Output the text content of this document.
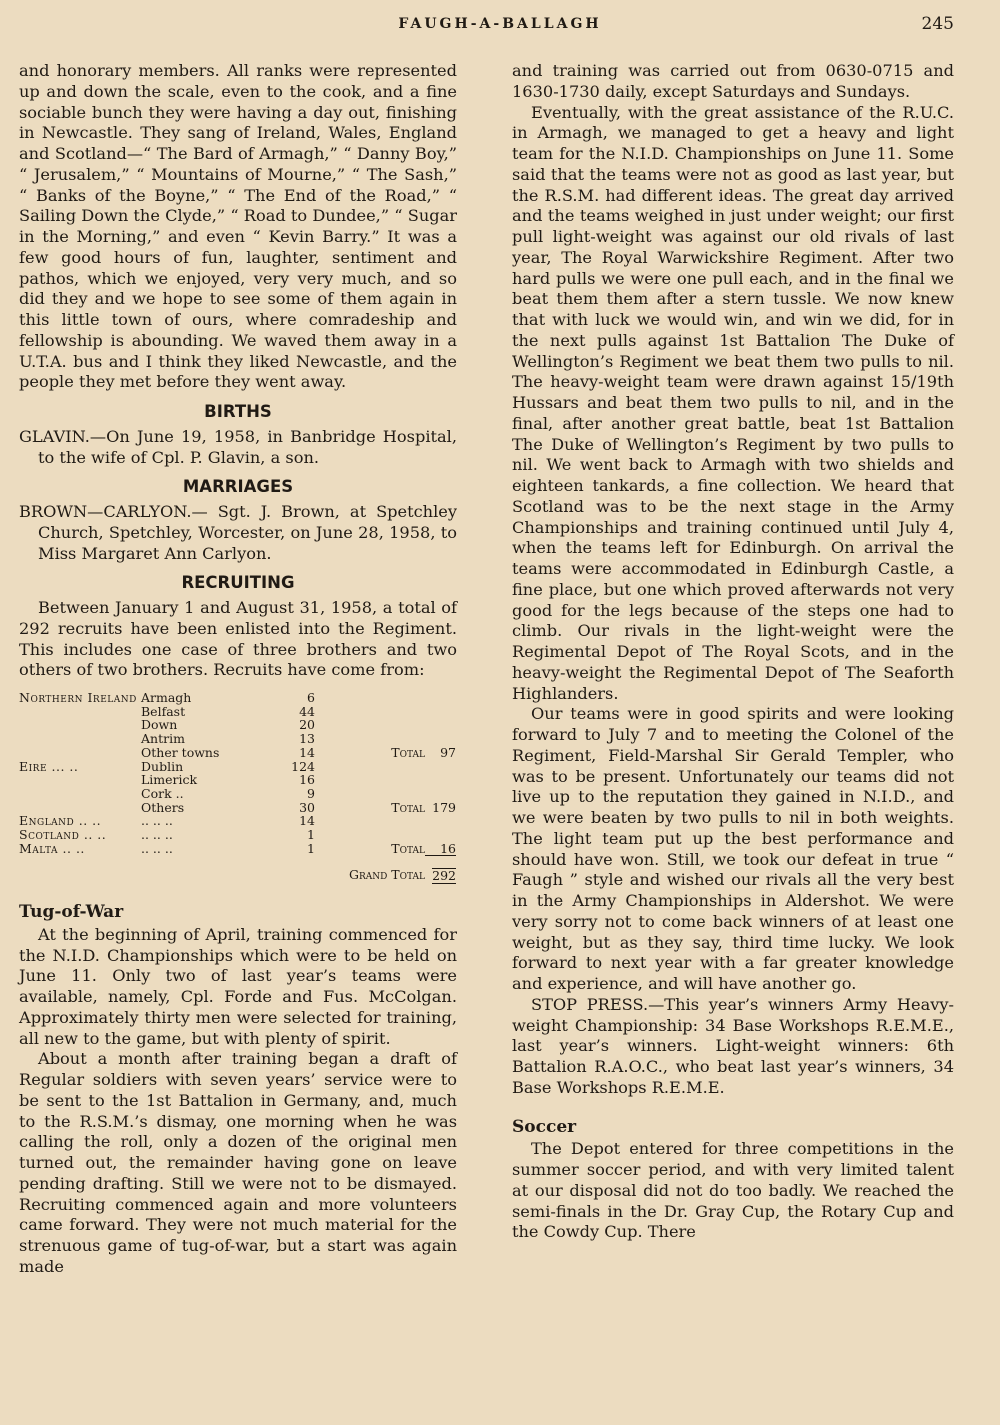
FAUGH-A-BALLAGH	245

and honorary members. All ranks were represented up and down the scale, even to the cook, and a fine sociable bunch they were having a day out, finishing in Newcastle. They sang of Ireland, Wales, England and Scotland—“ The Bard of Armagh,” “ Danny Boy,” “ Jerusalem,” “ Mountains of Mourne,” “ The Sash,” “ Banks of the Boyne,” “ The End of the Road,” “ Sailing Down the Clyde,” “ Road to Dundee,” “ Sugar in the Morning,” and even “ Kevin Barry.” It was a few good hours of fun, laughter, sentiment and pathos, which we enjoyed, very very much, and so did they and we hope to see some of them again in this little town of ours, where comradeship and fellowship is abounding. We waved them away in a U.T.A. bus and I think they liked Newcastle, and the people they met before they went away.

BIRTHS

GLAVIN.—On June 19, 1958, in Banbridge Hospital, to the wife of Cpl. P. Glavin, a son.

MARRIAGES

BROWN—CARLYON.— Sgt. J. Brown, at Spetchley Church, Spetchley, Worcester, on June 28, 1958, to Miss Margaret Ann Carlyon.

RECRUITING

Between January 1 and August 31, 1958, a total of 292 recruits have been enlisted into the Regiment. This includes one case of three brothers and two others of two brothers. Recruits have come from:

Northern Ireland	Armagh	6		
	Belfast	44		
	Down	20		
	Antrim	13		
	Other towns	14	Total	97
Eire ... ..	Dublin	124		
	Limerick	16		
	Cork ..	9		
	Others	30	Total	179
England .. ..	.. .. ..	14		
Scotland .. ..	.. .. ..	1		
Malta .. ..	.. .. ..	1	Total	16
			Grand Total	292
Tug-of-War

At the beginning of April, training commenced for the N.I.D. Championships which were to be held on June 11. Only two of last year’s teams were available, namely, Cpl. Forde and Fus. McColgan. Approximately thirty men were selected for training, all new to the game, but with plenty of spirit.

About a month after training began a draft of Regular soldiers with seven years’ service were to be sent to the 1st Battalion in Germany, and, much to the R.S.M.’s dismay, one morning when he was calling the roll, only a dozen of the original men turned out, the remainder having gone on leave pending drafting. Still we were not to be dismayed. Recruiting commenced again and more volunteers came forward. They were not much material for the strenuous game of tug-of-war, but a start was again made

and training was carried out from 0630-0715 and 1630-1730 daily, except Saturdays and Sundays.

Eventually, with the great assistance of the R.U.C. in Armagh, we managed to get a heavy and light team for the N.I.D. Championships on June 11. Some said that the teams were not as good as last year, but the R.S.M. had different ideas. The great day arrived and the teams weighed in just under weight; our first pull light-weight was against our old rivals of last year, The Royal Warwickshire Regiment. After two hard pulls we were one pull each, and in the final we beat them them after a stern tussle. We now knew that with luck we would win, and win we did, for in the next pulls against 1st Battalion The Duke of Wellington’s Regiment we beat them two pulls to nil. The heavy-weight team were drawn against 15/19th Hussars and beat them two pulls to nil, and in the final, after another great battle, beat 1st Battalion The Duke of Wellington’s Regiment by two pulls to nil. We went back to Armagh with two shields and eighteen tankards, a fine collection. We heard that Scotland was to be the next stage in the Army Championships and training continued until July 4, when the teams left for Edinburgh. On arrival the teams were accommodated in Edinburgh Castle, a fine place, but one which proved afterwards not very good for the legs because of the steps one had to climb. Our rivals in the light-weight were the Regimental Depot of The Royal Scots, and in the heavy-weight the Regimental Depot of The Seaforth Highlanders.

Our teams were in good spirits and were looking forward to July 7 and to meeting the Colonel of the Regiment, Field-Marshal Sir Gerald Templer, who was to be present. Unfortunately our teams did not live up to the reputation they gained in N.I.D., and we were beaten by two pulls to nil in both weights. The light team put up the best performance and should have won. Still, we took our defeat in true “ Faugh ” style and wished our rivals all the very best in the Army Championships in Aldershot. We were very sorry not to come back winners of at least one weight, but as they say, third time lucky. We look forward to next year with a far greater knowledge and experience, and will have another go.

STOP PRESS.—This year’s winners Army Heavy-weight Championship: 34 Base Workshops R.E.M.E., last year’s winners. Light-weight winners: 6th Battalion R.A.O.C., who beat last year’s winners, 34 Base Workshops R.E.M.E.

Soccer

The Depot entered for three competitions in the summer soccer period, and with very limited talent at our disposal did not do too badly. We reached the semi-finals in the Dr. Gray Cup, the Rotary Cup and the Cowdy Cup. There
